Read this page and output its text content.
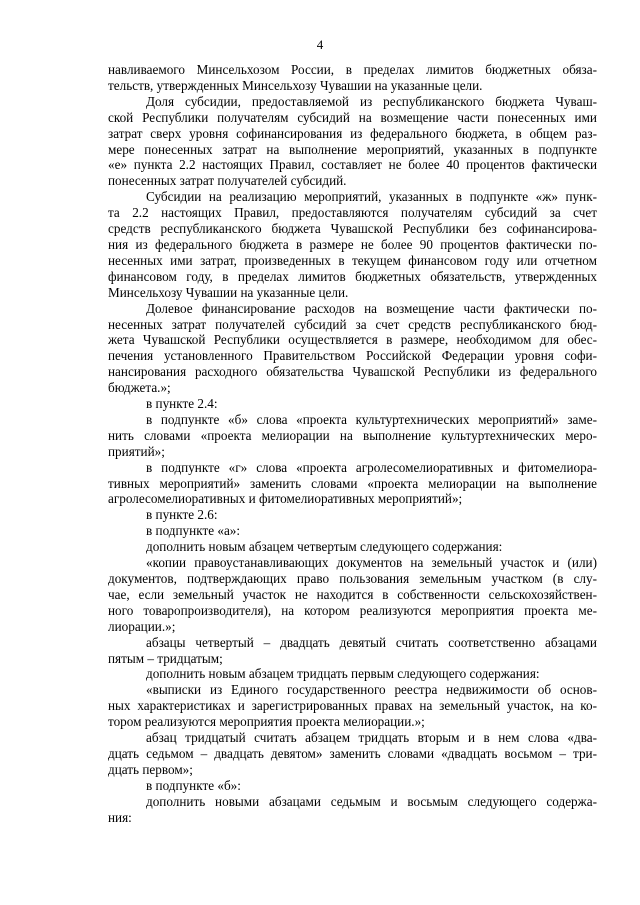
4
навливаемого Минсельхозом России, в пределах лимитов бюджетных обяза-
тельств, утвержденных Минсельхозу Чувашии на указанные цели.
Доля субсидии, предоставляемой из республиканского бюджета Чуваш-
ской Республики получателям субсидий на возмещение части понесенных ими
затрат сверх уровня софинансирования из федерального бюджета, в общем раз-
мере понесенных затрат на выполнение мероприятий, указанных в подпункте
«е» пункта 2.2 настоящих Правил, составляет не более 40 процентов фактически
понесенных затрат получателей субсидий.
Субсидии на реализацию мероприятий, указанных в подпункте «ж» пунк-
та 2.2 настоящих Правил, предоставляются получателям субсидий за счет
средств республиканского бюджета Чувашской Республики без софинансирова-
ния из федерального бюджета в размере не более 90 процентов фактически по-
несенных ими затрат, произведенных в текущем финансовом году или отчетном
финансовом году, в пределах лимитов бюджетных обязательств, утвержденных
Минсельхозу Чувашии на указанные цели.
Долевое финансирование расходов на возмещение части фактически по-
несенных затрат получателей субсидий за счет средств республиканского бюд-
жета Чувашской Республики осуществляется в размере, необходимом для обес-
печения установленного Правительством Российской Федерации уровня софи-
нансирования расходного обязательства Чувашской Республики из федерального
бюджета.»;
в пункте 2.4:
в подпункте «б» слова «проекта культуртехнических мероприятий» заме-
нить словами «проекта мелиорации на выполнение культуртехнических меро-
приятий»;
в подпункте «г» слова «проекта агролесомелиоративных и фитомелиора-
тивных мероприятий» заменить словами «проекта мелиорации на выполнение
агролесомелиоративных и фитомелиоративных мероприятий»;
в пункте 2.6:
в подпункте «а»:
дополнить новым абзацем четвертым следующего содержания:
«копии правоустанавливающих документов на земельный участок и (или)
документов, подтверждающих право пользования земельным участком (в слу-
чае, если земельный участок не находится в собственности сельскохозяйствен-
ного товаропроизводителя), на котором реализуются мероприятия проекта ме-
лиорации.»;
абзацы четвертый – двадцать девятый считать соответственно абзацами
пятым – тридцатым;
дополнить новым абзацем тридцать первым следующего содержания:
«выписки из Единого государственного реестра недвижимости об основ-
ных характеристиках и зарегистрированных правах на земельный участок, на ко-
тором реализуются мероприятия проекта мелиорации.»;
абзац тридцатый считать абзацем тридцать вторым и в нем слова «два-
дцать седьмом – двадцать девятом» заменить словами «двадцать восьмом – три-
дцать первом»;
в подпункте «б»:
дополнить новыми абзацами седьмым и восьмым следующего содержа-
ния:
